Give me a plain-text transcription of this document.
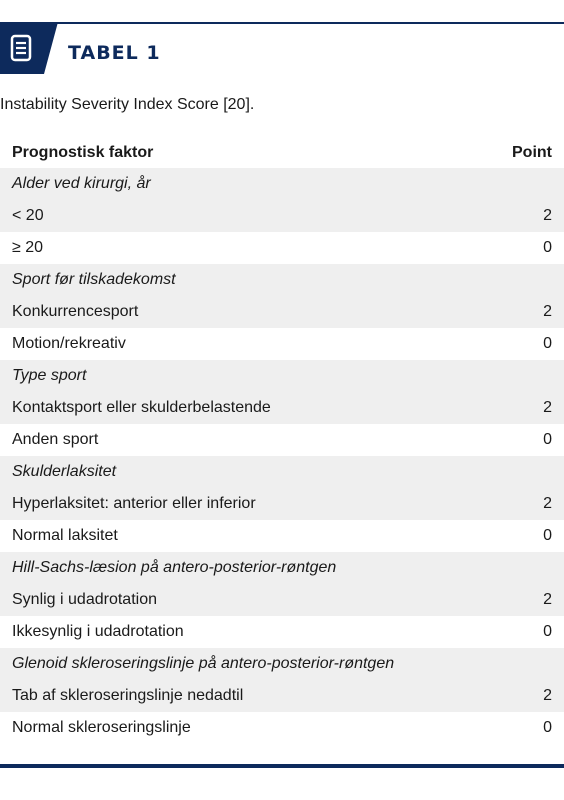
TABEL 1
Instability Severity Index Score [20].
Prognostisk faktor	Point
Alder ved kirurgi, år	
< 20	2
≥ 20	0
Sport før tilskadekomst	
Konkurrencesport	2
Motion/rekreativ	0
Type sport	
Kontaktsport eller skulderbelastende	2
Anden sport	0
Skulderlaksitet	
Hyperlaksitet: anterior eller inferior	2
Normal laksitet	0
Hill-Sachs-læsion på antero-posterior-røntgen	
Synlig i udadrotation	2
Ikkesynlig i udadrotation	0
Glenoid skleroseringslinje på antero-posterior-røntgen	
Tab af skleroseringslinje nedadtil	2
Normal skleroseringslinje	0
